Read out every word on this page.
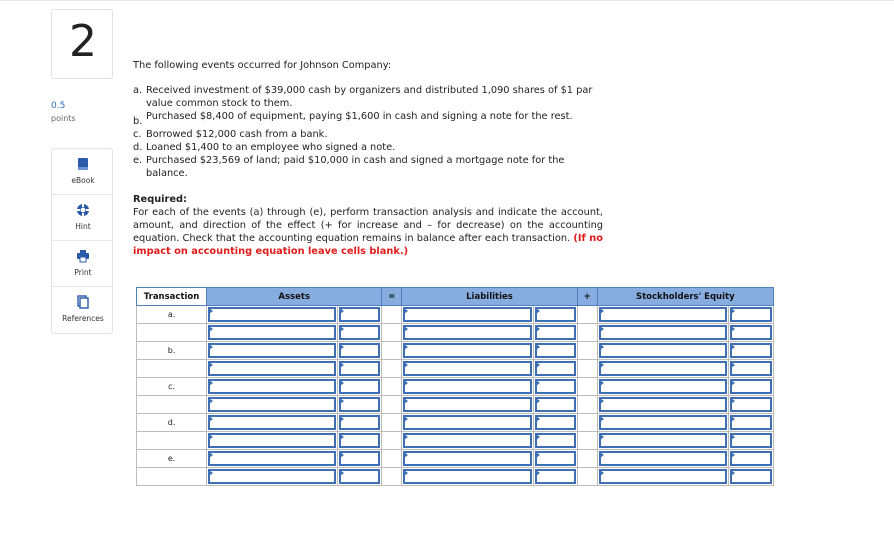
2
0.5
points
eBook
Hint
Print
References
The following events occurred for Johnson Company:
a. Received investment of $39,000 cash by organizers and distributed 1,090 shares of $1 par value common stock to them.
b. Purchased $8,400 of equipment, paying $1,600 in cash and signing a note for the rest.
c. Borrowed $12,000 cash from a bank.
d. Loaned $1,400 to an employee who signed a note.
e. Purchased $23,569 of land; paid $10,000 in cash and signed a mortgage note for the balance.
Required:
For each of the events (a) through (e), perform transaction analysis and indicate the account, amount, and direction of the effect (+ for increase and – for decrease) on the accounting equation. Check that the accounting equation remains in balance after each transaction. (If no impact on accounting equation leave cells blank.)
Transaction	Assets		=	Liabilities		+	Stockholders' Equity	
a.	

b.	

c.	

d.	

e.	
